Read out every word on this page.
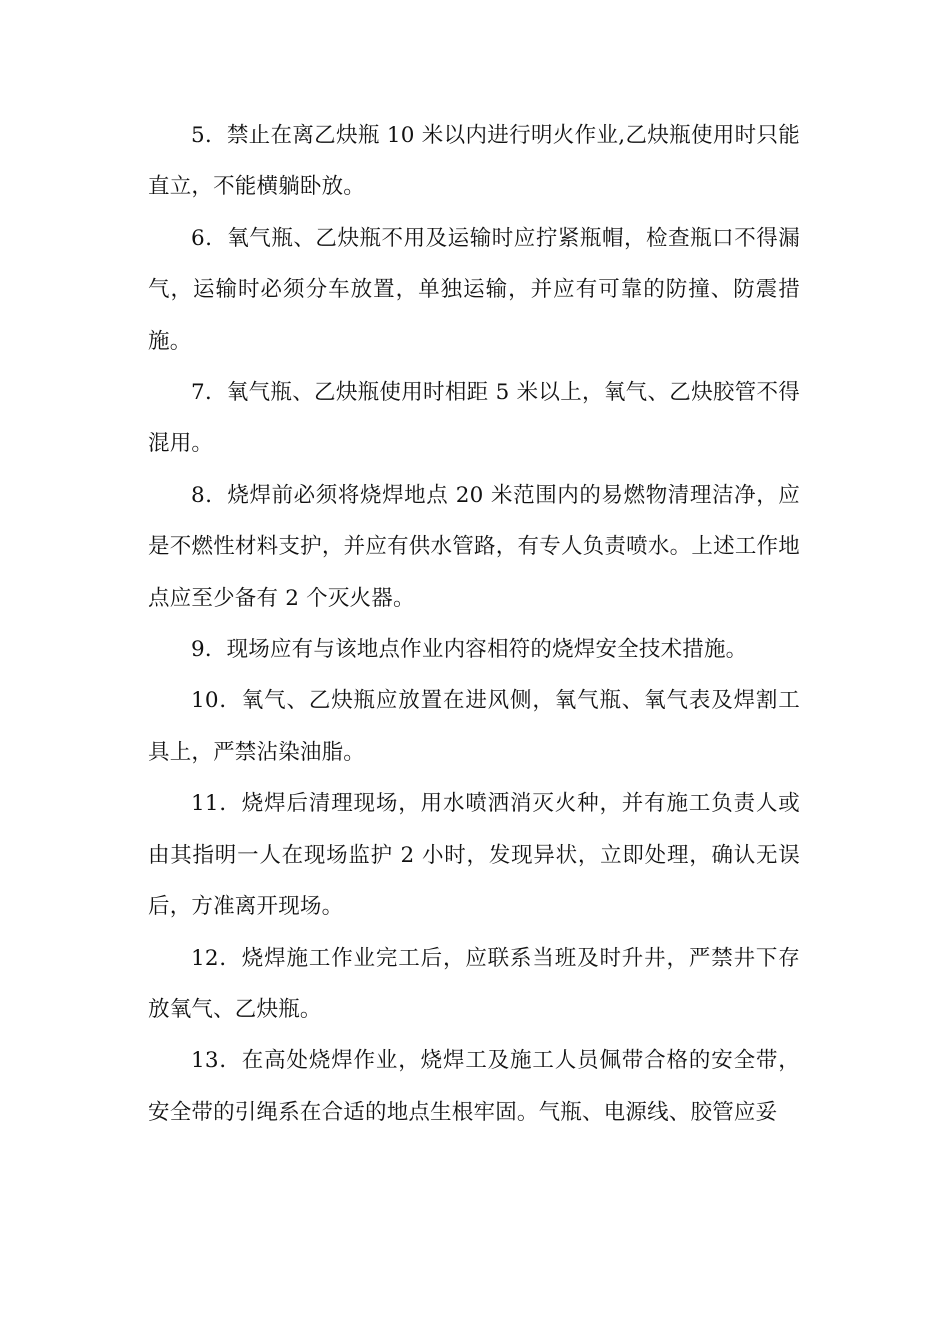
5．禁止在离乙炔瓶 10 米以内进行明火作业,乙炔瓶使用时只能直立，不能横躺卧放。

6．氧气瓶、乙炔瓶不用及运输时应拧紧瓶帽，检查瓶口不得漏气，运输时必须分车放置，单独运输，并应有可靠的防撞、防震措施。

7．氧气瓶、乙炔瓶使用时相距 5 米以上，氧气、乙炔胶管不得混用。

8．烧焊前必须将烧焊地点 20 米范围内的易燃物清理洁净，应是不燃性材料支护，并应有供水管路，有专人负责喷水。上述工作地点应至少备有 2 个灭火器。

9．现场应有与该地点作业内容相符的烧焊安全技术措施。

10．氧气、乙炔瓶应放置在进风侧，氧气瓶、氧气表及焊割工具上，严禁沾染油脂。

11．烧焊后清理现场，用水喷洒消灭火种，并有施工负责人或由其指明一人在现场监护 2 小时，发现异状，立即处理，确认无误后，方准离开现场。

12．烧焊施工作业完工后，应联系当班及时升井，严禁井下存放氧气、乙炔瓶。

13．在高处烧焊作业，烧焊工及施工人员佩带合格的安全带，安全带的引绳系在合适的地点生根牢固。气瓶、电源线、胶管应妥
